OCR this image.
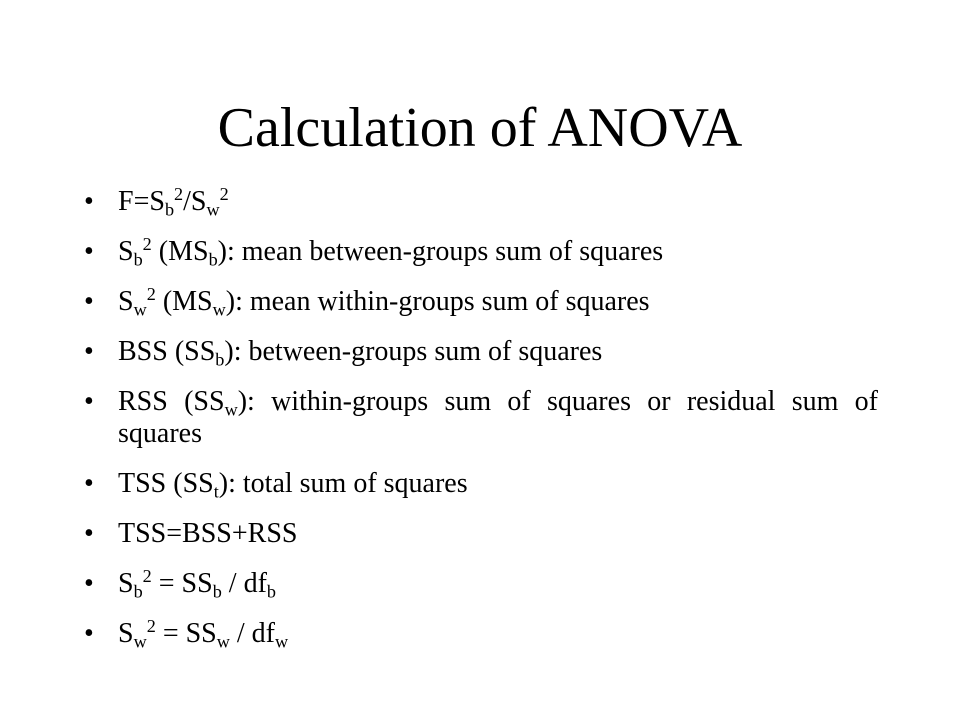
Calculation of ANOVA
• $F=S_b^2/S_w^2$
• $S_b^2$ $(MS_b)$: mean between-groups sum of squares
• $S_w^2$ $(MS_w)$: mean within-groups sum of squares
• BSS $(SS_b)$: between-groups sum of squares
• RSS $(SS_w)$: within-groups sum of squares or residual sum of squares
• TSS $(SS_t)$: total sum of squares
• TSS=BSS+RSS
• $S_b^2 = SS_b / df_b$
• $S_w^2 = SS_w / df_w$
